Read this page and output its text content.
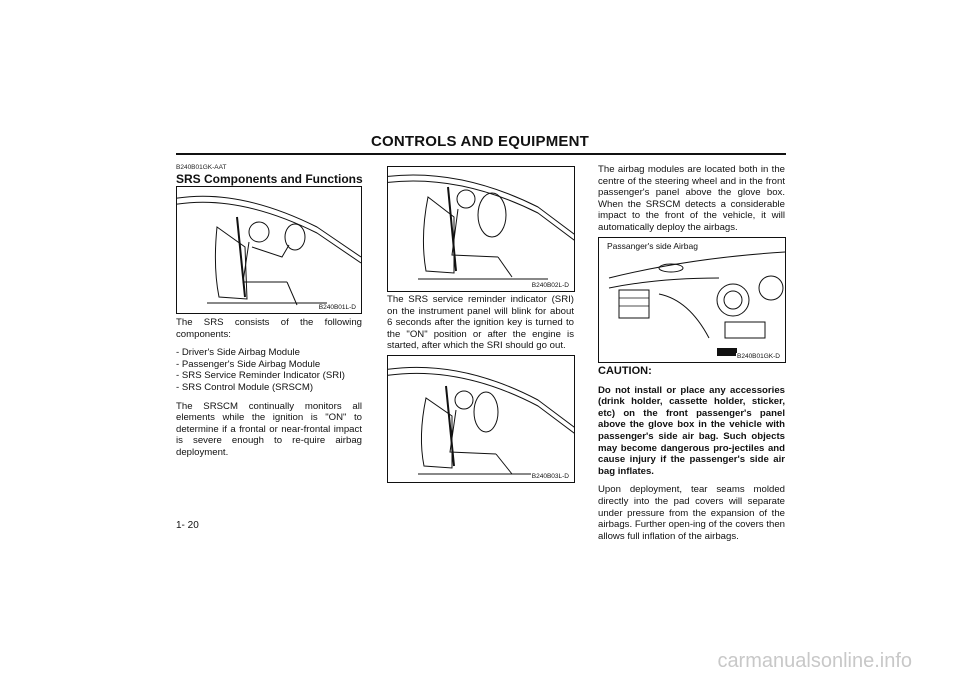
CONTROLS AND EQUIPMENT
B240B01GK-AAT
SRS Components and Functions
B240B01L-D

The SRS consists of the following components:

- Driver's Side Airbag Module
- Passenger's Side Airbag Module
- SRS Service Reminder Indicator (SRI)
- SRS Control Module (SRSCM)

The SRSCM continually monitors all elements while the ignition is "ON" to determine if a frontal or near-frontal impact is severe enough to re-quire airbag deployment.

B240B02L-D

The SRS service reminder indicator (SRI) on the instrument panel will blink for about 6 seconds after the ignition key is turned to the "ON" position or after the engine is started, after which the SRI should go out.

B240B03L-D

The airbag modules are located both in the centre of the steering wheel and in the front passenger's panel above the glove box. When the SRSCM detects a considerable impact to the front of the vehicle, it will automatically deploy the airbags.

Passanger's side Airbag
B240B01GK-D

CAUTION:

Do not install or place any accessories (drink holder, cassette holder, sticker, etc) on the front passenger's panel above the glove box in the vehicle with passenger's side air bag. Such objects may become dangerous pro-jectiles and cause injury if the passenger's side air bag inflates.

Upon deployment, tear seams molded directly into the pad covers will separate under pressure from the expansion of the airbags. Further open-ing of the covers then allows full inflation of the airbags.

1- 20
carmanualsonline.info
